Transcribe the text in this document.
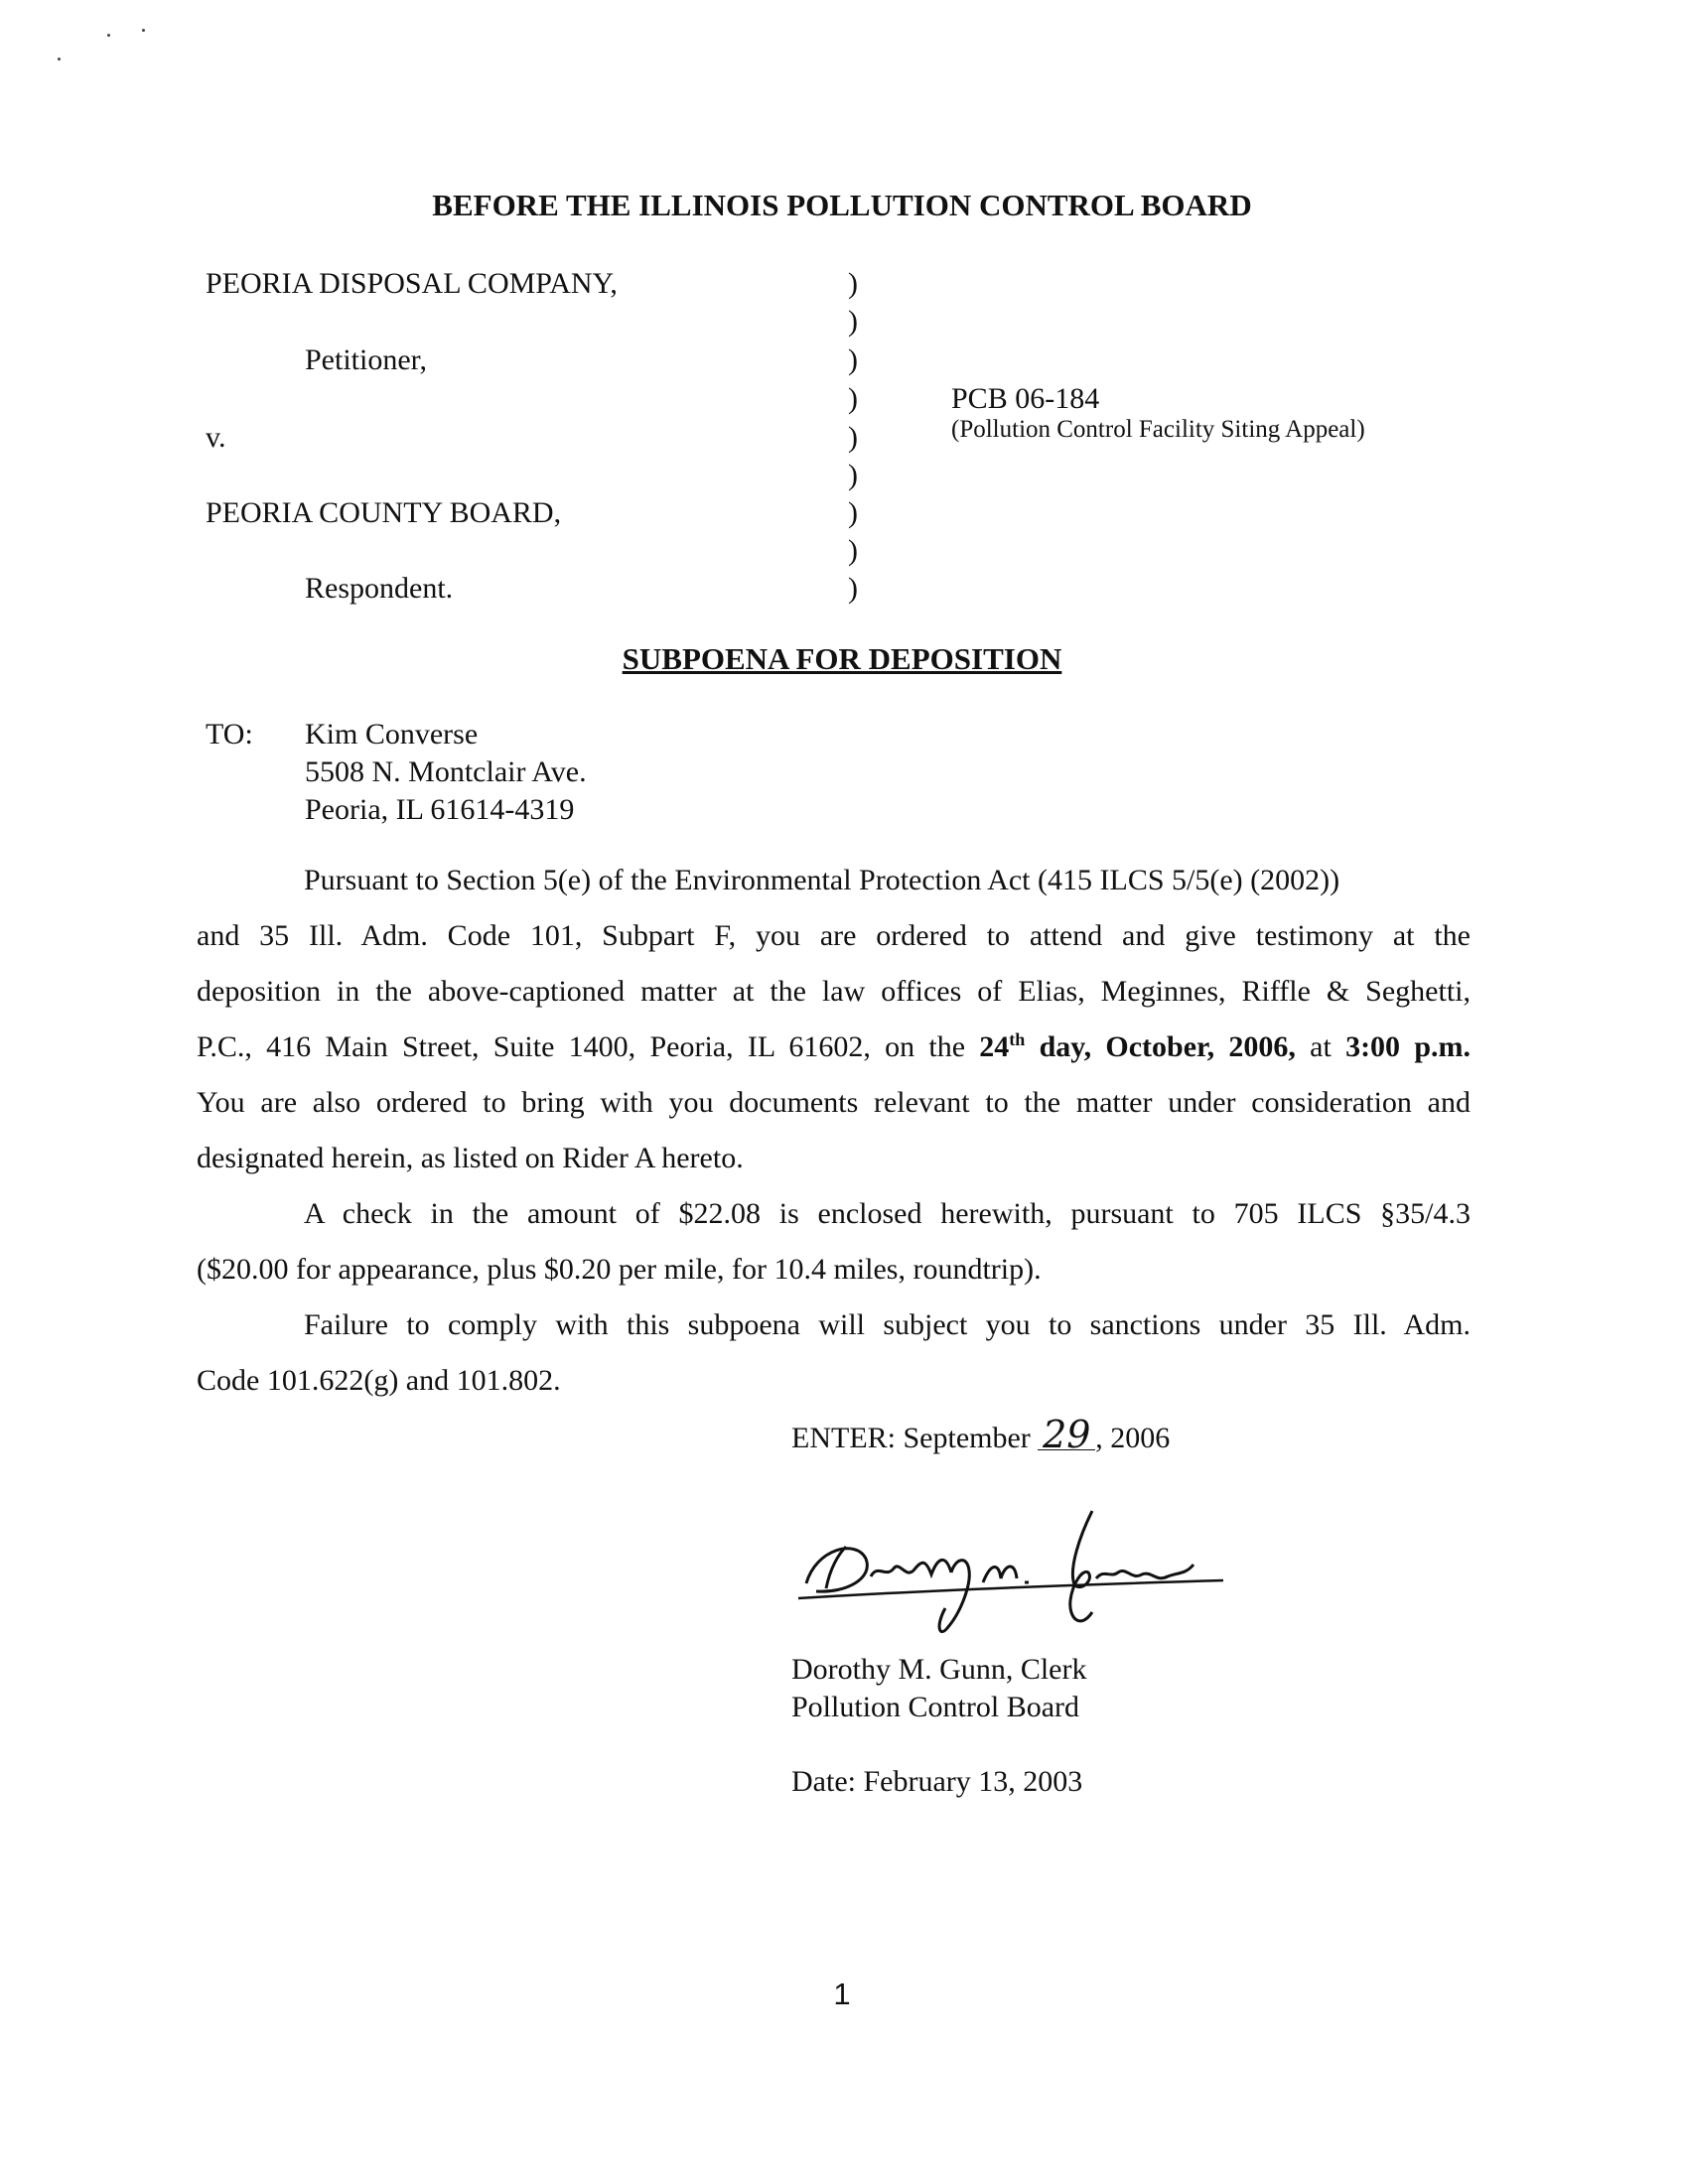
BEFORE THE ILLINOIS POLLUTION CONTROL BOARD
PEORIA DISPOSAL COMPANY,
Petitioner,
v.
PEORIA COUNTY BOARD,
Respondent.
)
)
)
)
)
)
)
)
)
PCB 06-184
(Pollution Control Facility Siting Appeal)
SUBPOENA FOR DEPOSITION
TO: Kim Converse
5508 N. Montclair Ave.
Peoria, IL 61614-4319
Pursuant to Section 5(e) of the Environmental Protection Act (415 ILCS 5/5(e) (2002))
and 35 Ill. Adm. Code 101, Subpart F, you are ordered to attend and give testimony at the
deposition in the above-captioned matter at the law offices of Elias, Meginnes, Riffle & Seghetti,
P.C., 416 Main Street, Suite 1400, Peoria, IL 61602, on the 24th day, October, 2006, at 3:00 p.m.
You are also ordered to bring with you documents relevant to the matter under consideration and
designated herein, as listed on Rider A hereto.
A check in the amount of $22.08 is enclosed herewith, pursuant to 705 ILCS §35/4.3
($20.00 for appearance, plus $0.20 per mile, for 10.4 miles, roundtrip).
Failure to comply with this subpoena will subject you to sanctions under 35 Ill. Adm.
Code 101.622(g) and 101.802.
ENTER: September 29 , 2006
Dorothy M. Gunn, Clerk
Pollution Control Board
Date: February 13, 2003
1
